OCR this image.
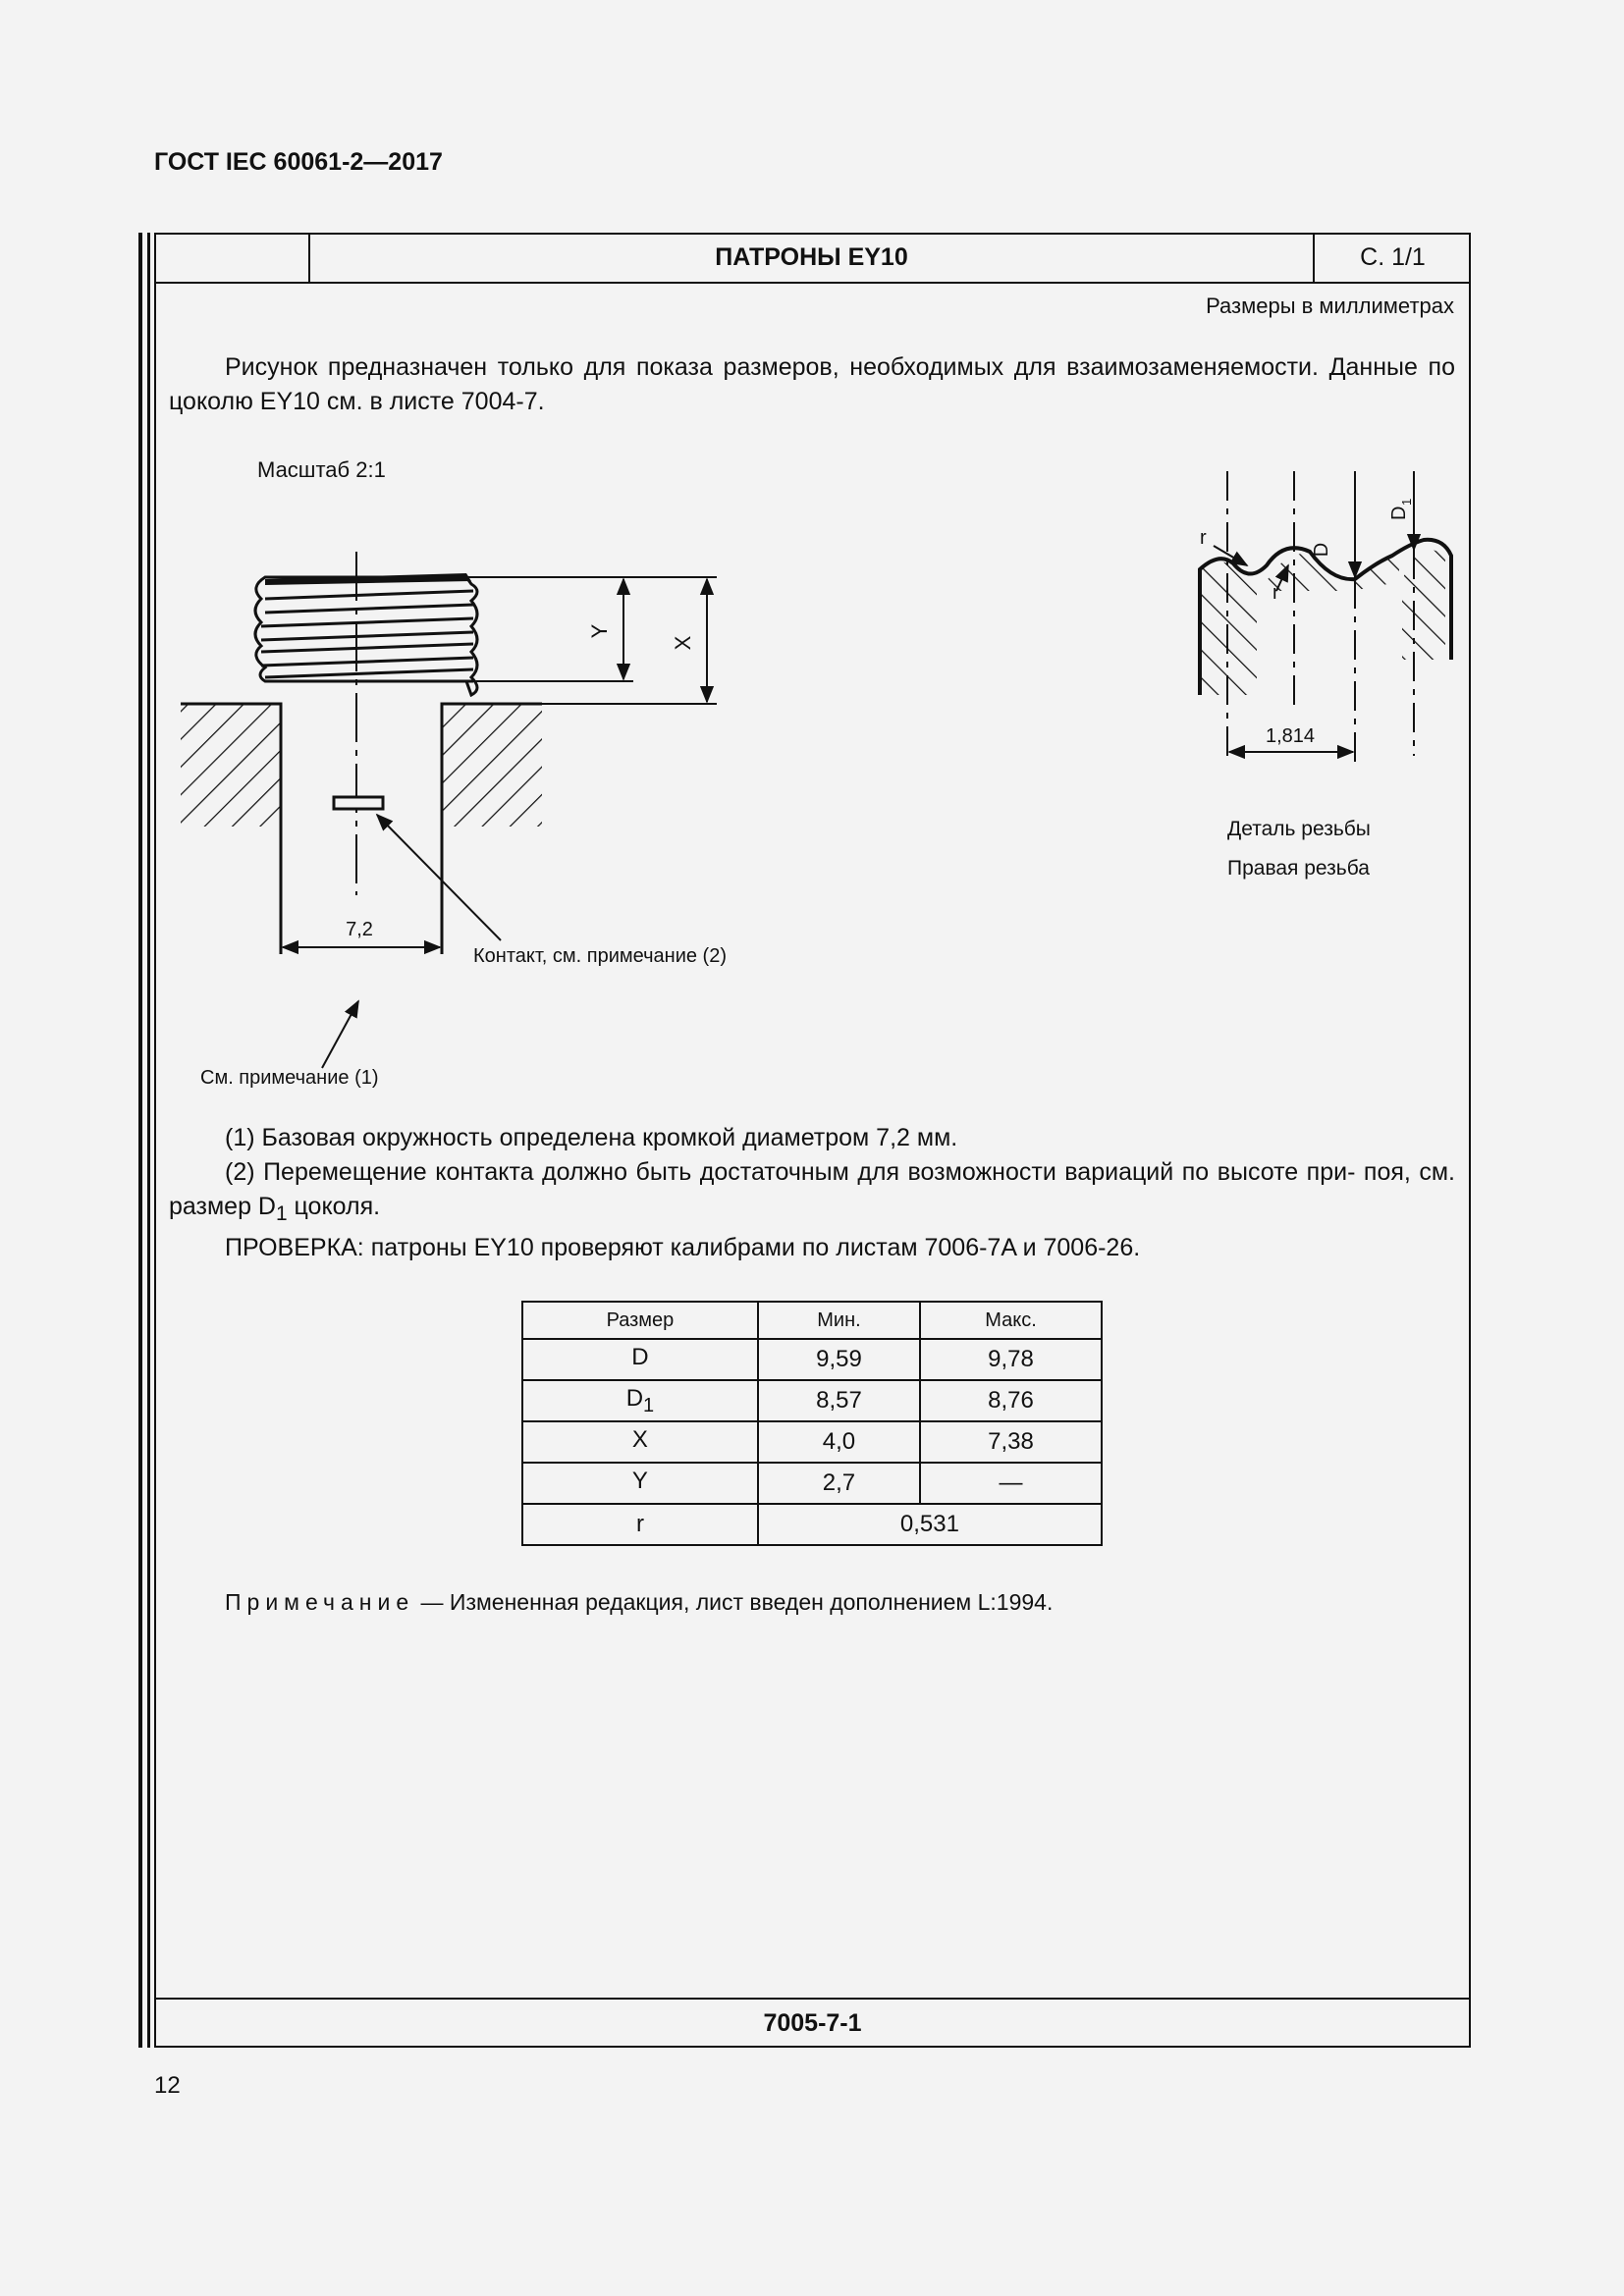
ГОСТ IEC 60061-2—2017
ПАТРОНЫ EY10	С. 1/1
Размеры в миллиметрах
Рисунок предназначен только для показа размеров, необходимых для взаимозаменяемости. Данные по цоколю EY10 см. в листе 7004-7.
Масштаб 2:1
Y
X
7,2
Контакт, см. примечание (2)
См. примечание (1)
1,814
r
r
D
D
1
Деталь резьбы
Правая резьба

(1) Базовая окружность определена кромкой диаметром 7,2 мм.

(2) Перемещение контакта должно быть достаточным для возможности вариаций по высоте при- поя, см. размер $D_1$ цоколя.

ПРОВЕРКА: патроны EY10 проверяют калибрами по листам 7006-7A и 7006-26.
Размер	Мин.	Макс.
D	9,59	9,78
$D_1$	8,57	8,76
X	4,0	7,38
Y	2,7	—
r	0,531	
Примечание — Измененная редакция, лист введен дополнением L:1994.
7005-7-1
12
